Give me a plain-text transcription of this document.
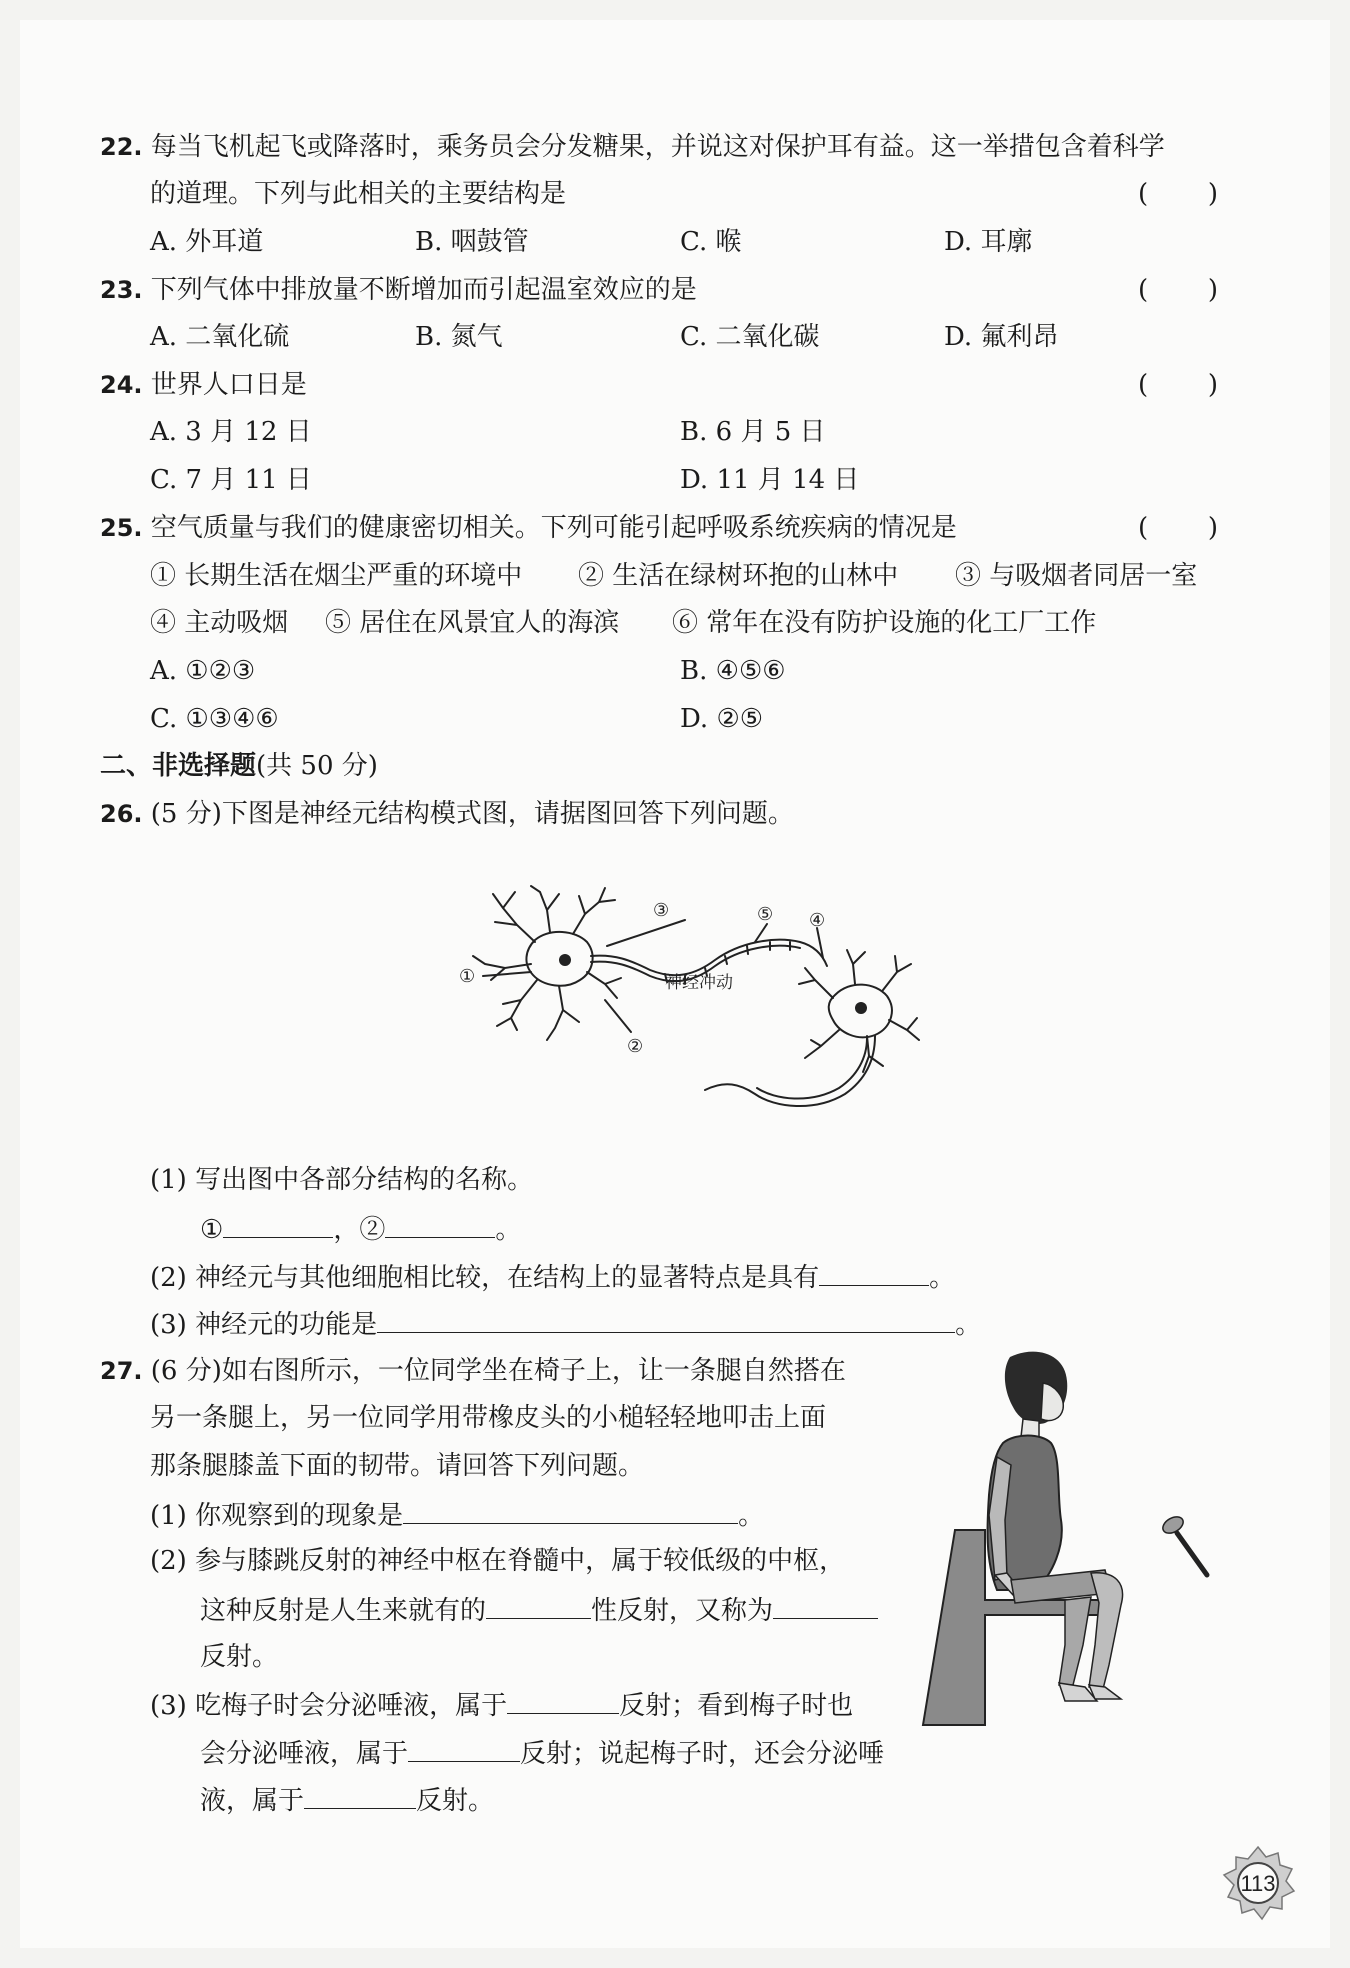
22. 每当飞机起飞或降落时，乘务员会分发糖果，并说这对保护耳有益。这一举措包含着科学
的道理。下列与此相关的主要结构是	( )
A. 外耳道	B. 咽鼓管	C. 喉	D. 耳廓
23. 下列气体中排放量不断增加而引起温室效应的是	( )
A. 二氧化硫	B. 氮气	C. 二氧化碳	D. 氟利昂
24. 世界人口日是	( )
A. 3 月 12 日	B. 6 月 5 日
C. 7 月 11 日	D. 11 月 14 日
25. 空气质量与我们的健康密切相关。下列可能引起呼吸系统疾病的情况是	( )
① 长期生活在烟尘严重的环境中 ② 生活在绿树环抱的山林中 ③ 与吸烟者同居一室
④ 主动吸烟 ⑤ 居住在风景宜人的海滨 ⑥ 常年在没有防护设施的化工厂工作
A. ①②③	B. ④⑤⑥
C. ①③④⑥	D. ②⑤
二、非选择题(共 50 分)
26. (5 分)下图是神经元结构模式图，请据图回答下列问题。
①
②
③	⑤ ④
神经冲动
(1) 写出图中各部分结构的名称。
①	，②	。
(2) 神经元与其他细胞相比较，在结构上的显著特点是具有	。
(3) 神经元的功能是	。
27. (6 分)如右图所示，一位同学坐在椅子上，让一条腿自然搭在
另一条腿上，另一位同学用带橡皮头的小槌轻轻地叩击上面
那条腿膝盖下面的韧带。请回答下列问题。
(1) 你观察到的现象是	。
(2) 参与膝跳反射的神经中枢在脊髓中，属于较低级的中枢，
这种反射是人生来就有的	性反射，又称为
反射。
(3) 吃梅子时会分泌唾液，属于	反射；看到梅子时也
会分泌唾液，属于	反射；说起梅子时，还会分泌唾
液，属于	反射。
113
